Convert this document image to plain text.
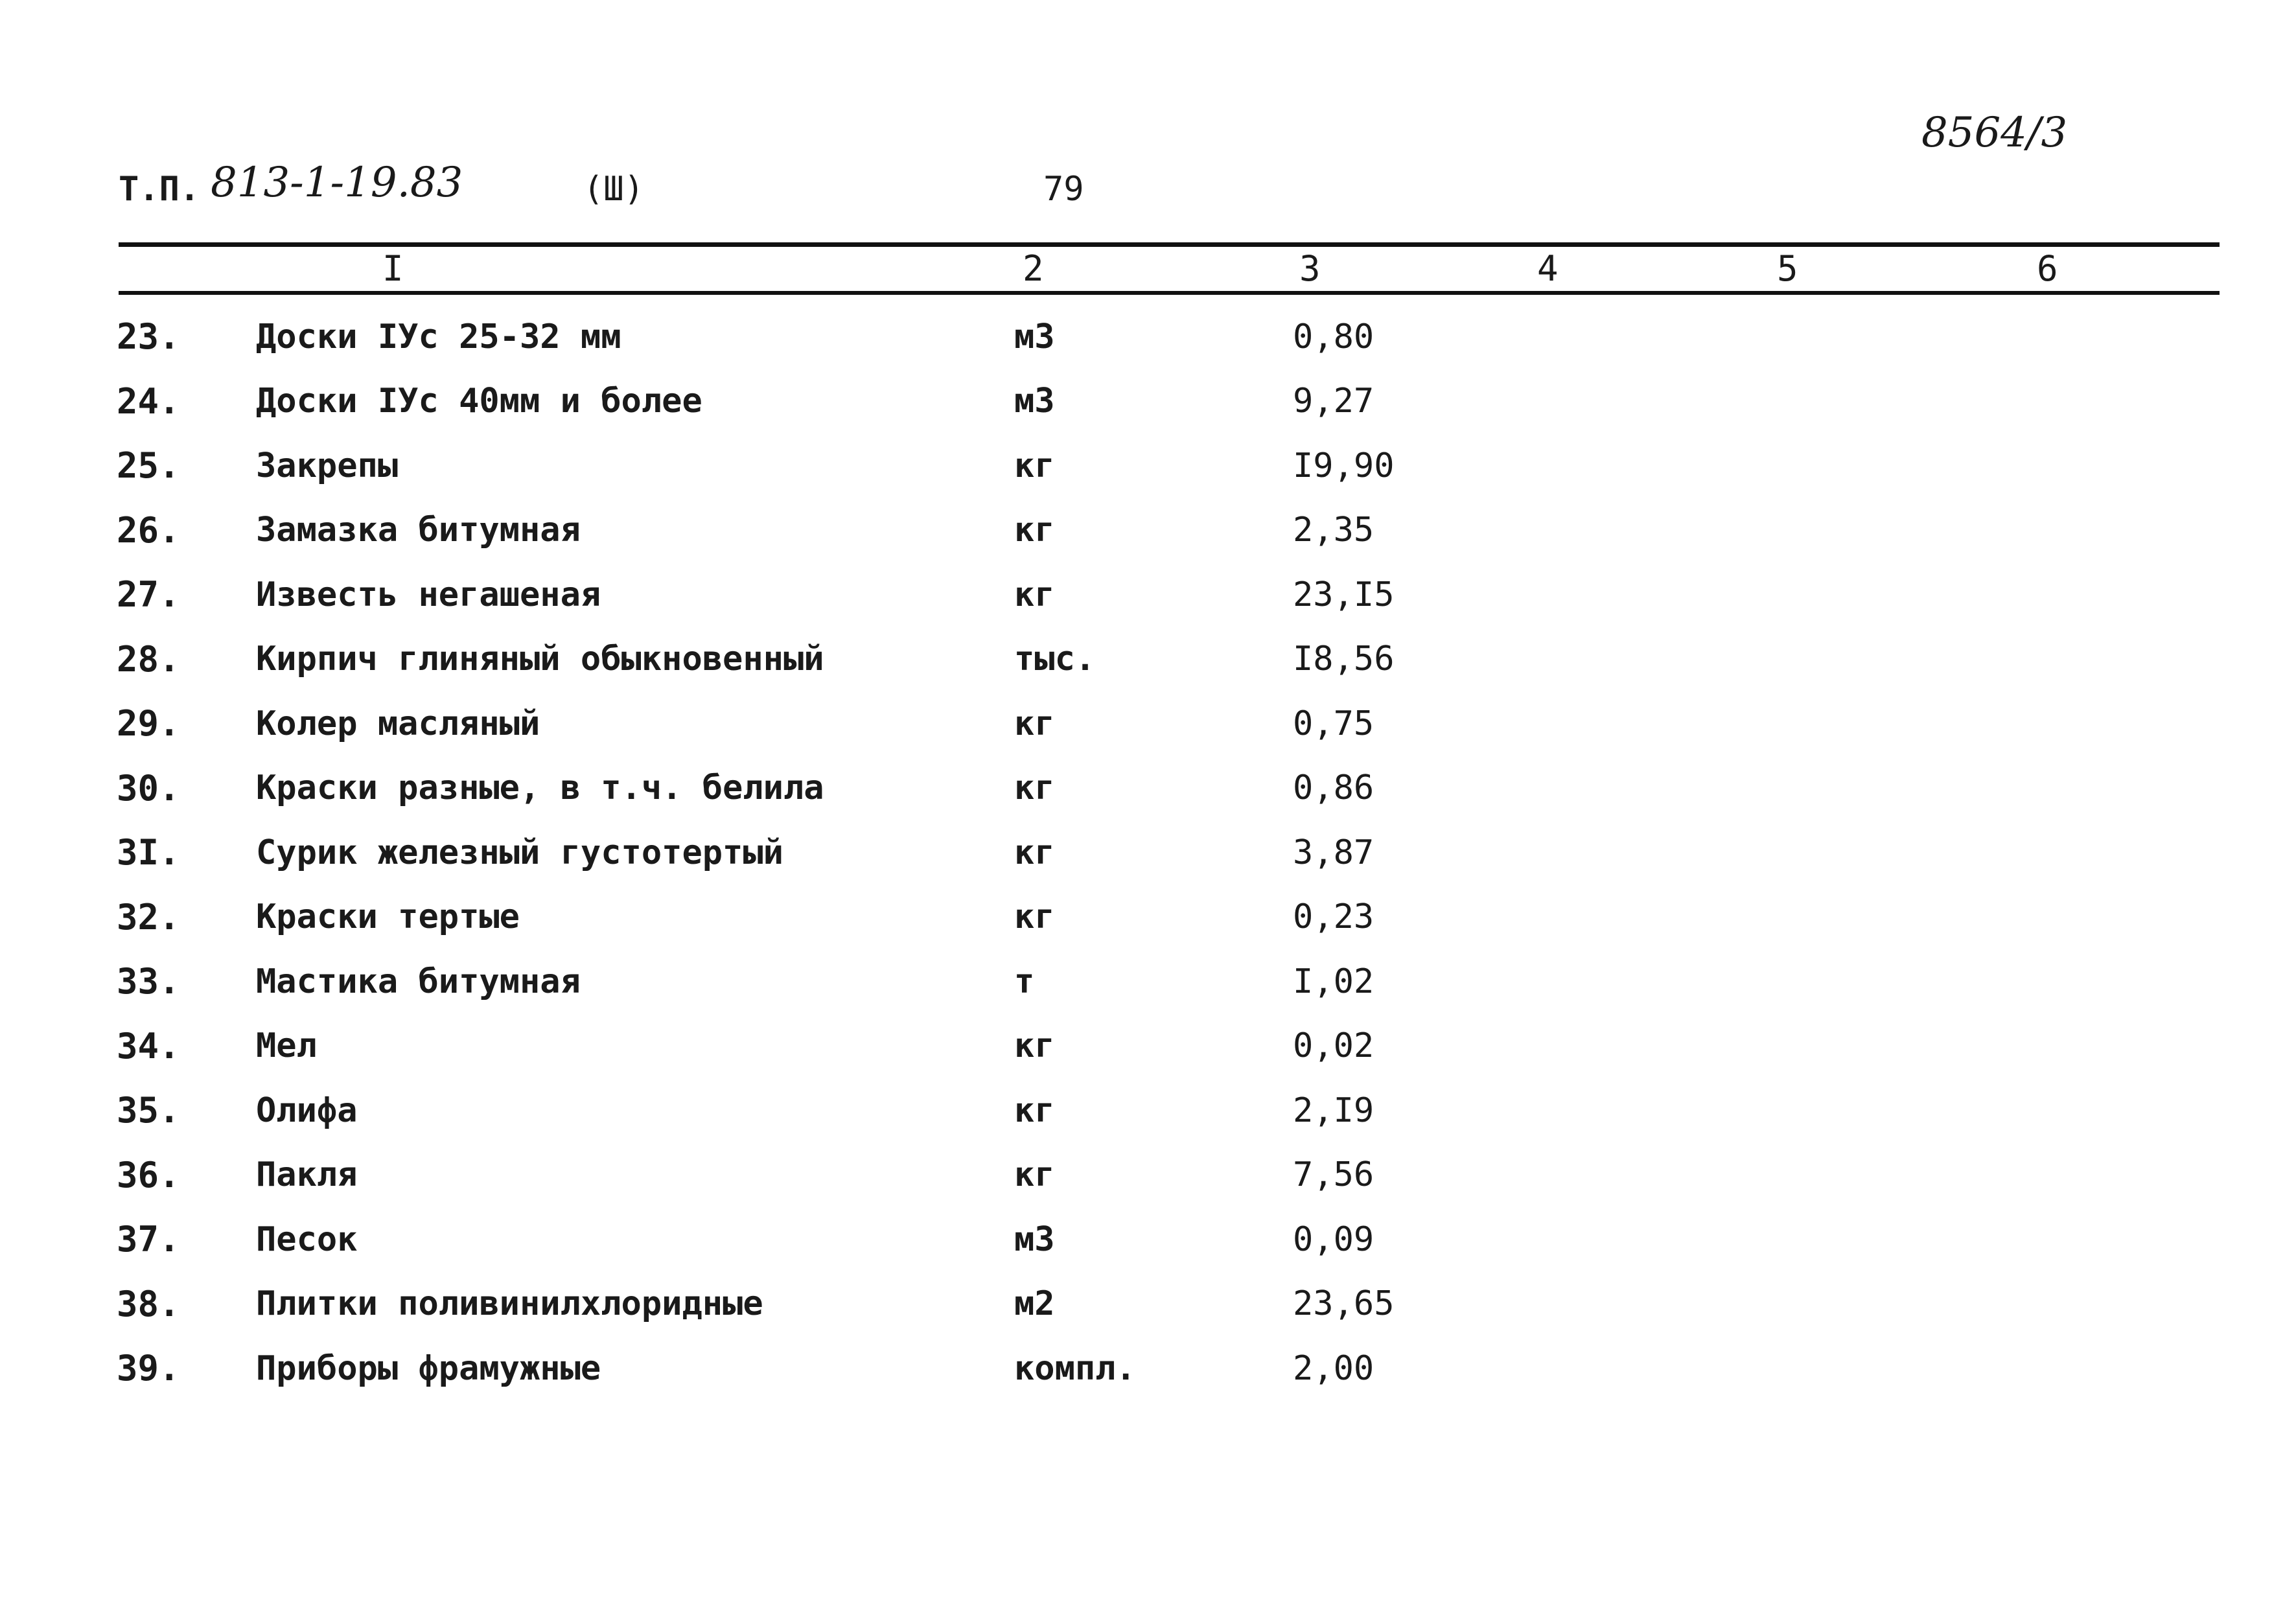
Т.П. 813-1-19.83	(Ш)	79
8564/3
I	2	3	4	5	6
23.	Доски IУс 25-32 мм	м3	0,80
24.	Доски IУс 40мм и более	м3	9,27
25.	Закрепы	кг	I9,90
26.	Замазка битумная	кг	2,35
27.	Известь негашеная	кг	23,I5
28.	Кирпич глиняный обыкновенный	тыс.	I8,56
29.	Колер масляный	кг	0,75
30.	Краски разные, в т.ч. белила	кг	0,86
3I.	Сурик железный густотертый	кг	3,87
32.	Краски тертые	кг	0,23
33.	Мастика битумная	т	I,02
34.	Мел	кг	0,02
35.	Олифа	кг	2,I9
36.	Пакля	кг	7,56
37.	Песок	м3	0,09
38.	Плитки поливинилхлоридные	м2	23,65
39.	Приборы фрамужные	компл.	2,00
